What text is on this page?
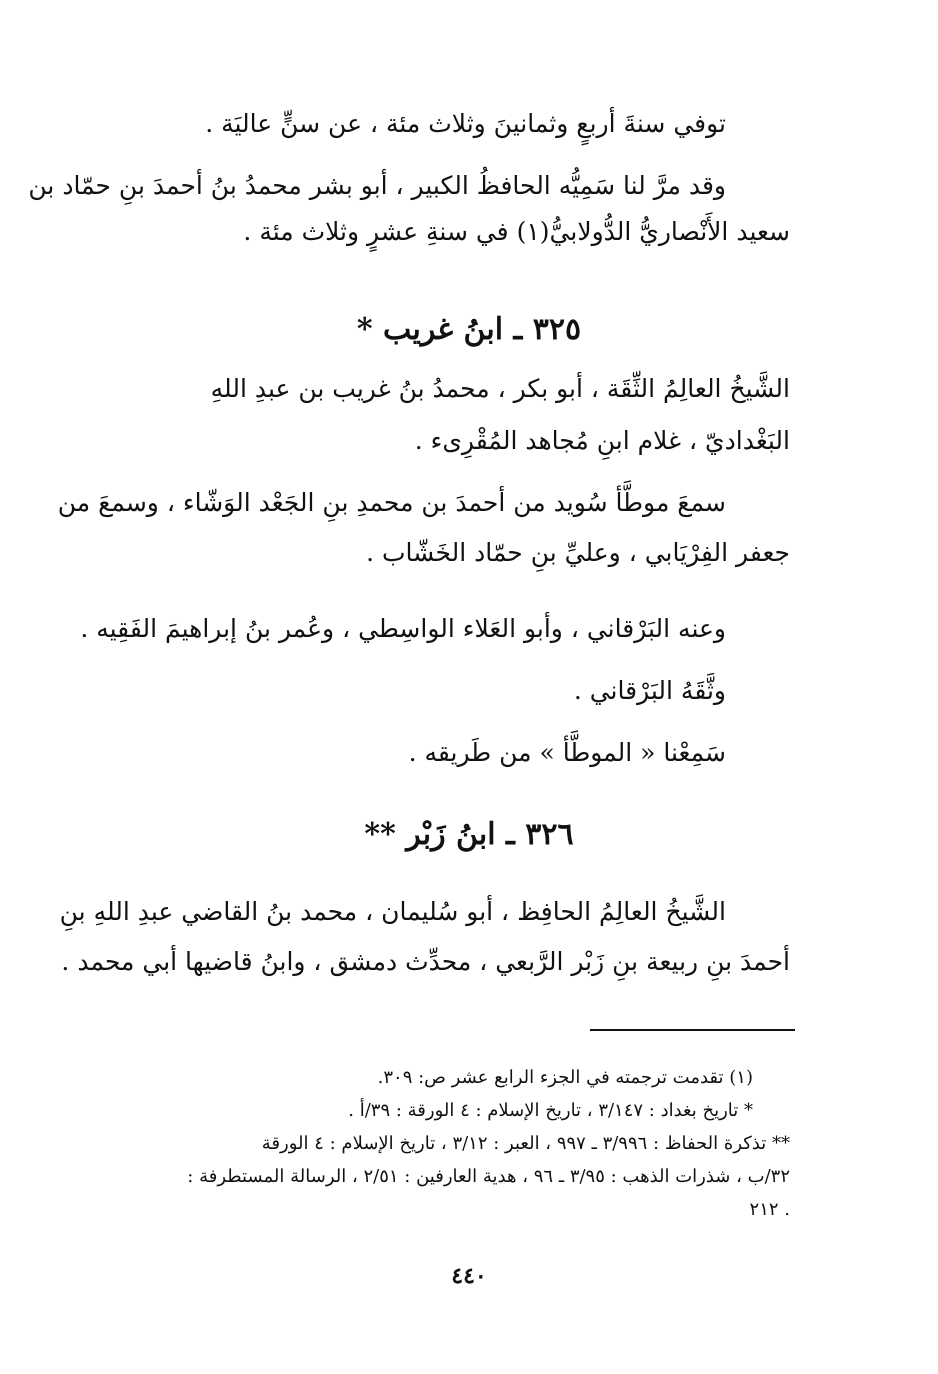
توفي سنةَ أربعٍ وثمانينَ وثلاث مئة ، عن سنٍّ عاليَة .
وقد مرَّ لنا سَمِيُّه الحافظُ الكبير ، أبو بشر محمدُ بنُ أحمدَ بنِ حمّاد بن
سعيد الأَنْصاريُّ الدُّولابيُّ(١) في سنةِ عشرٍ وثلاث مئة .
٣٢٥ ـ ابنُ غريب *
الشَّيخُ العالِمُ الثِّقَة ، أبو بكر ، محمدُ بنُ غريب بن عبدِ اللهِ
البَغْداديّ ، غلام ابنِ مُجاهد المُقْرِىء .
سمعَ موطَّأ سُويد من أحمدَ بن محمدِ بنِ الجَعْد الوَشّاء ، وسمعَ من
جعفر الفِرْيَابي ، وعليِّ بنِ حمّاد الخَشّاب .
وعنه البَرْقاني ، وأبو العَلاء الواسِطي ، وعُمر بنُ إبراهيمَ الفَقِيه .
وثَّقَهُ البَرْقاني .
سَمِعْنا « الموطَّأ » من طَريقه .
٣٢٦ ـ ابنُ زَبْر **
الشَّيخُ العالِمُ الحافِظ ، أبو سُليمان ، محمد بنُ القاضي عبدِ اللهِ بنِ
أحمدَ بنِ ربيعة بنِ زَبْر الرَّبعي ، محدِّث دمشق ، وابنُ قاضيها أبي محمد .
(١) تقدمت ترجمته في الجزء الرابع عشر ص: ٣٠٩.
* تاريخ بغداد : ٣/١٤٧ ، تاريخ الإسلام : ٤ الورقة : ٣٩/أ .
** تذكرة الحفاظ : ٣/٩٩٦ ـ ٩٩٧ ، العبر : ٣/١٢ ، تاريخ الإسلام : ٤ الورقة
٣٢/ب ، شذرات الذهب : ٣/٩٥ ـ ٩٦ ، هدية العارفين : ٢/٥١ ، الرسالة المستطرفة :
. ٢١٢
٤٤٠
